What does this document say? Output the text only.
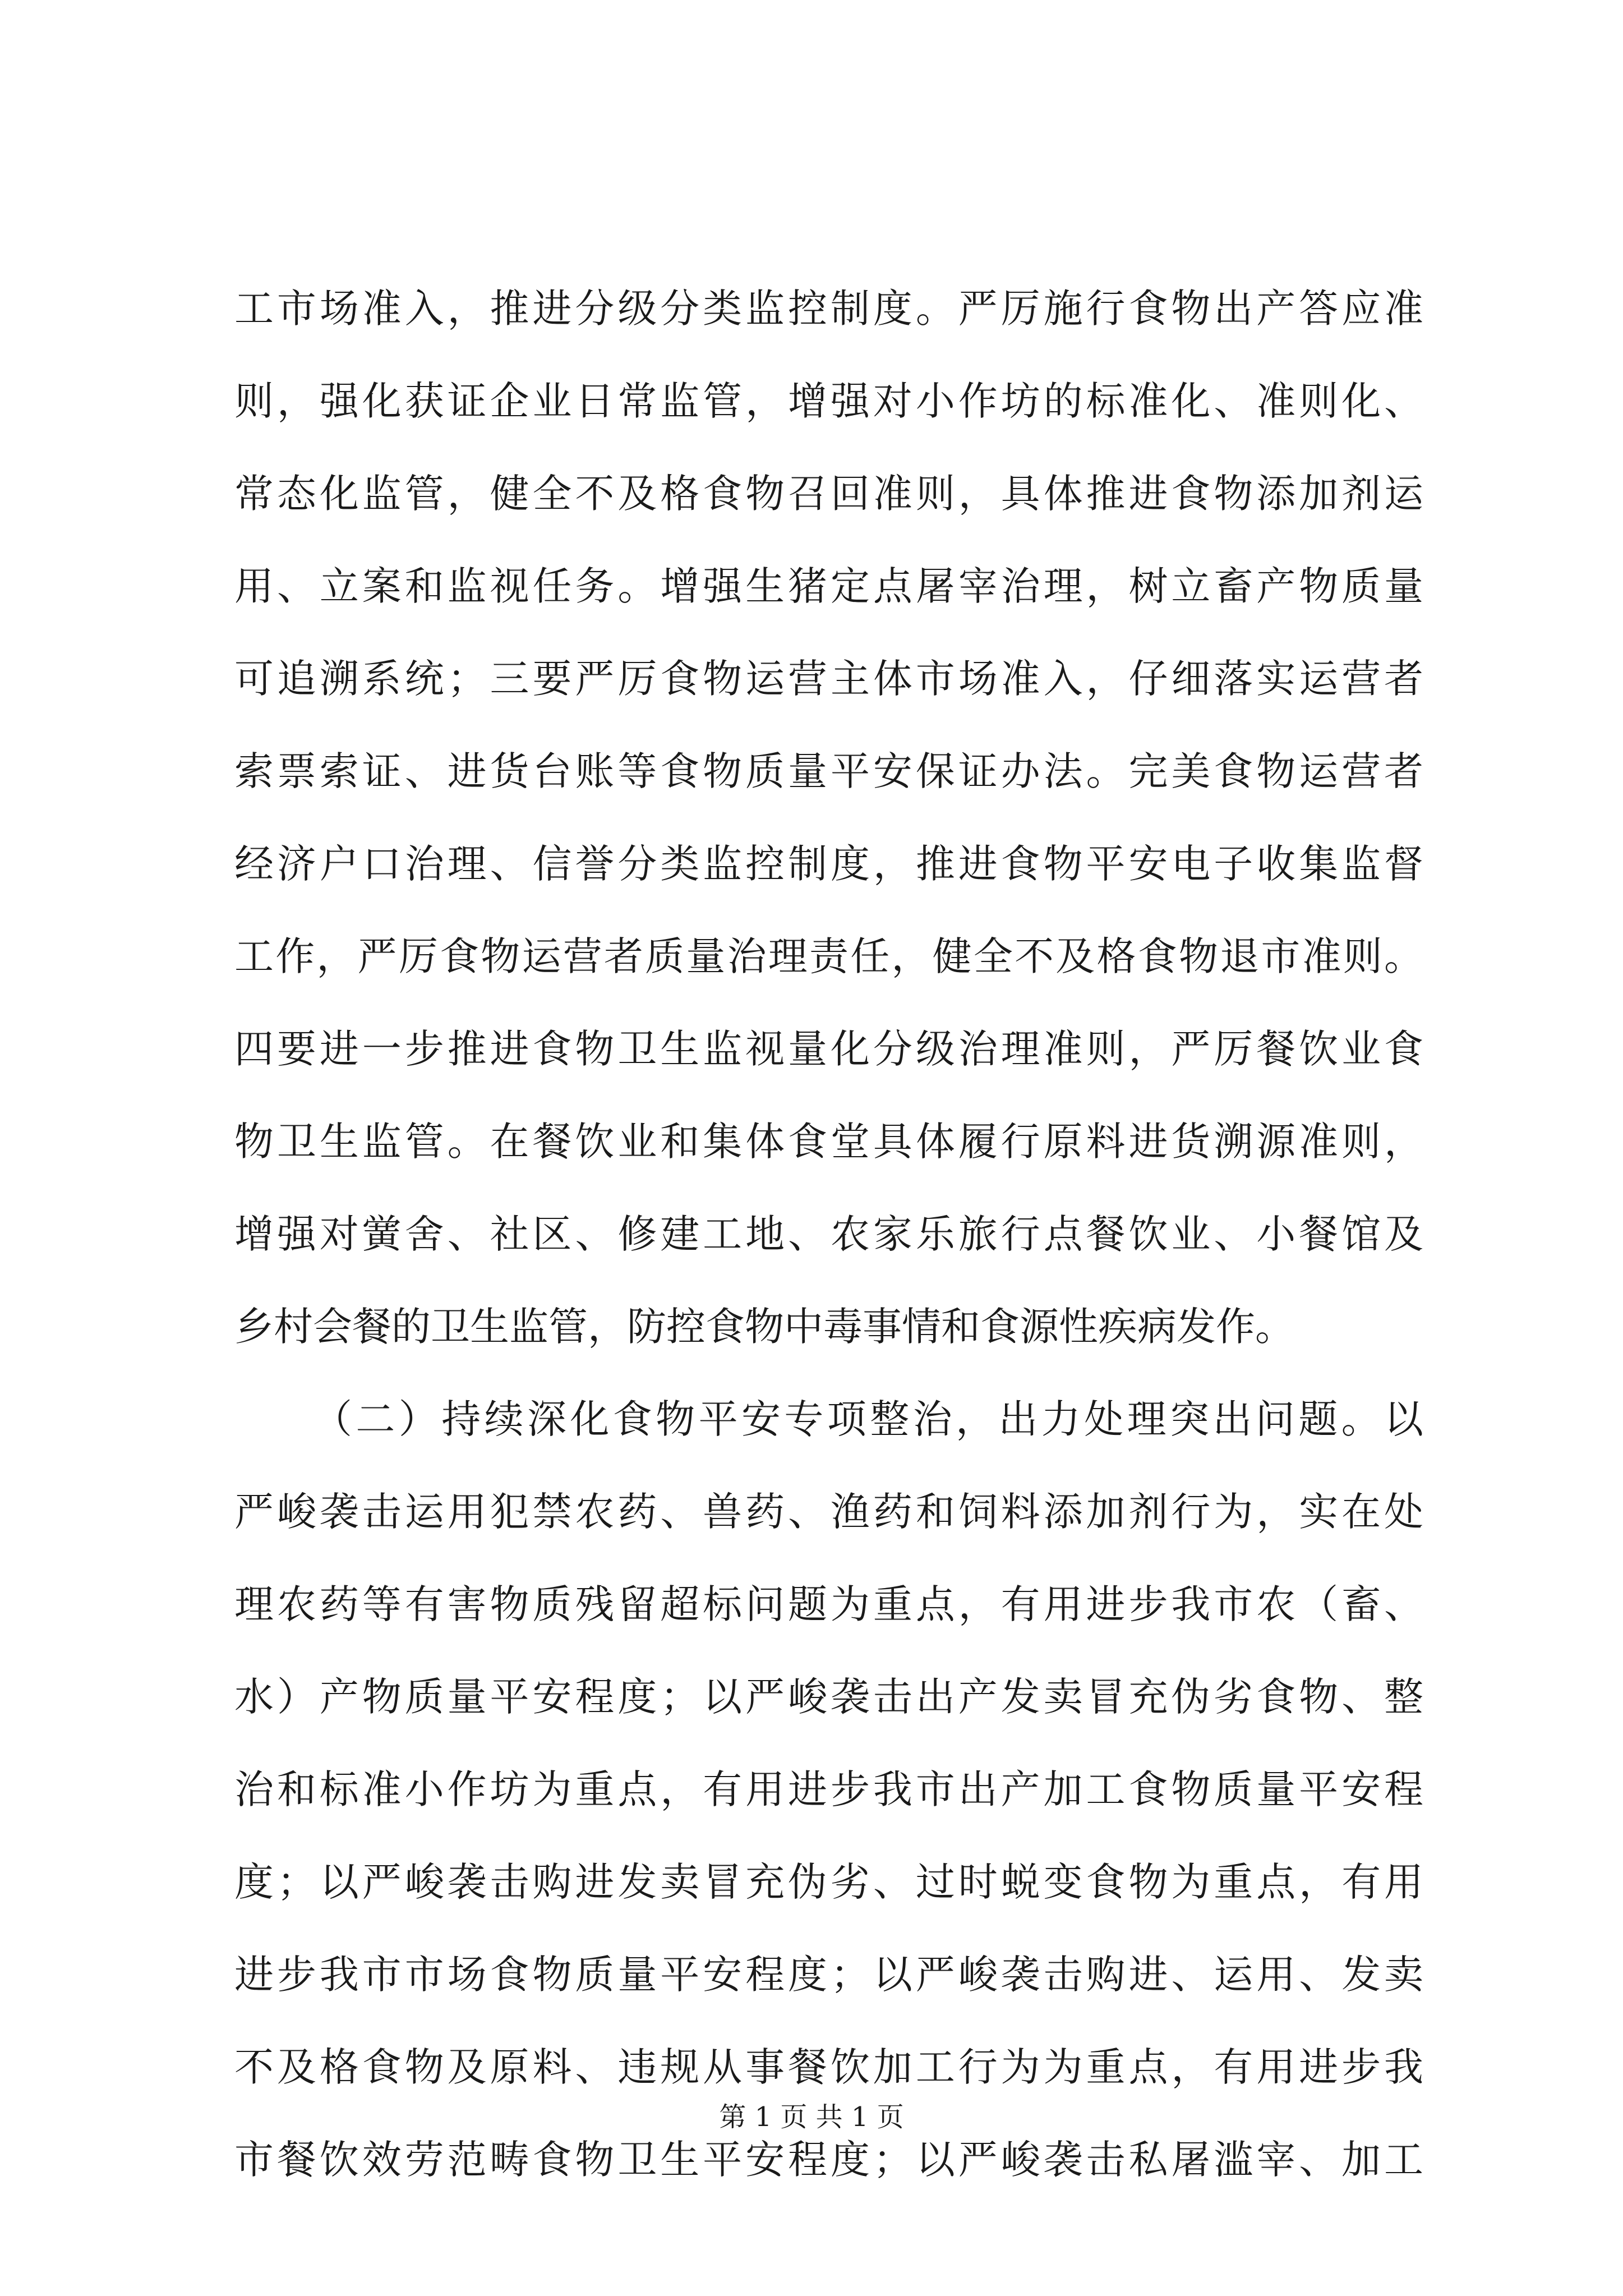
工市场准入，推进分级分类监控制度。严厉施行食物出产答应准
则，强化获证企业日常监管，增强对小作坊的标准化、准则化、
常态化监管，健全不及格食物召回准则，具体推进食物添加剂运
用、立案和监视任务。增强生猪定点屠宰治理，树立畜产物质量
可追溯系统；三要严厉食物运营主体市场准入，仔细落实运营者
索票索证、进货台账等食物质量平安保证办法。完美食物运营者
经济户口治理、信誉分类监控制度，推进食物平安电子收集监督
工作，严厉食物运营者质量治理责任，健全不及格食物退市准则。
四要进一步推进食物卫生监视量化分级治理准则，严厉餐饮业食
物卫生监管。在餐饮业和集体食堂具体履行原料进货溯源准则，
增强对黉舍、社区、修建工地、农家乐旅行点餐饮业、小餐馆及
乡村会餐的卫生监管，防控食物中毒事情和食源性疾病发作。
（二）持续深化食物平安专项整治，出力处理突出问题。以
严峻袭击运用犯禁农药、兽药、渔药和饲料添加剂行为，实在处
理农药等有害物质残留超标问题为重点，有用进步我市农（畜、
水）产物质量平安程度；以严峻袭击出产发卖冒充伪劣食物、整
治和标准小作坊为重点，有用进步我市出产加工食物质量平安程
度；以严峻袭击购进发卖冒充伪劣、过时蜕变食物为重点，有用
进步我市市场食物质量平安程度；以严峻袭击购进、运用、发卖
不及格食物及原料、违规从事餐饮加工行为为重点，有用进步我
市餐饮效劳范畴食物卫生平安程度；以严峻袭击私屠滥宰、加工
第 1 页 共 1 页
